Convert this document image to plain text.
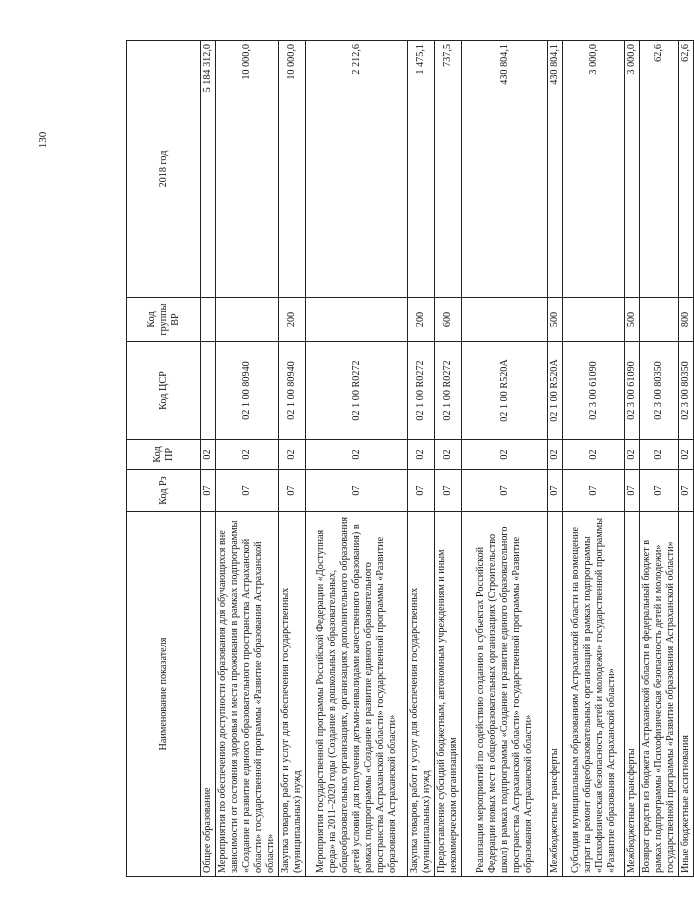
130
Наименование показателя	Код Рз	Код ПР	Код ЦСР	Код группы ВР	2018 год
Общее образование	07	02			5 184 312,0
Мероприятия по обеспечению доступности образования для обучающихся вне зависимости от состояния здоровья и места проживания в рамках подпрограммы «Создание и развитие единого образовательного пространства Астраханской области» государственной программы «Развитие образования Астраханской области»	07	02	02 1 00 80940		10 000,0
Закупка товаров, работ и услуг для обеспечения государственных (муниципальных) нужд	07	02	02 1 00 80940	200	10 000,0
Мероприятия государственной программы Российской Федерации «Доступная среда» на 2011–2020 годы (Создание в дошкольных образовательных, общеобразовательных организациях, организациях дополнительного образования детей условий для получения детьми-инвалидами качественного образования) в рамках подпрограммы «Создание и развитие единого образовательного пространства Астраханской области» государственной программы «Развитие образования Астраханской области»	07	02	02 1 00 R0272		2 212,6
Закупка товаров, работ и услуг для обеспечения государственных (муниципальных) нужд	07	02	02 1 00 R0272	200	1 475,1
Предоставление субсидий бюджетным, автономным учреждениям и иным некоммерческим организациям	07	02	02 1 00 R0272	600	737,5
Реализация мероприятий по содействию созданию в субъектах Российской Федерации новых мест в общеобразовательных организациях (Строительство школ) в рамках подпрограммы «Создание и развитие единого образовательного пространства Астраханской области» государственной программы «Развитие образования Астраханской области»	07	02	02 1 00 R520A		430 804,1
Межбюджетные трансферты	07	02	02 1 00 R520A	500	430 804,1
Субсидия муниципальным образованиям Астраханской области на возмещение затрат на ремонт общеобразовательных организаций в рамках подпрограммы «Психофизическая безопасность детей и молодежи» государственной программы «Развитие образования Астраханской области»	07	02	02 3 00 61090		3 000,0
Межбюджетные трансферты	07	02	02 3 00 61090	500	3 000,0
Возврат средств из бюджета Астраханской области в федеральный бюджет в рамках подпрограммы «Психофизическая безопасность детей и молодежи» государственной программы «Развитие образования Астраханской области»	07	02	02 3 00 80350		62,6
Иные бюджетные ассигнования	07	02	02 3 00 80350	800	62,6
